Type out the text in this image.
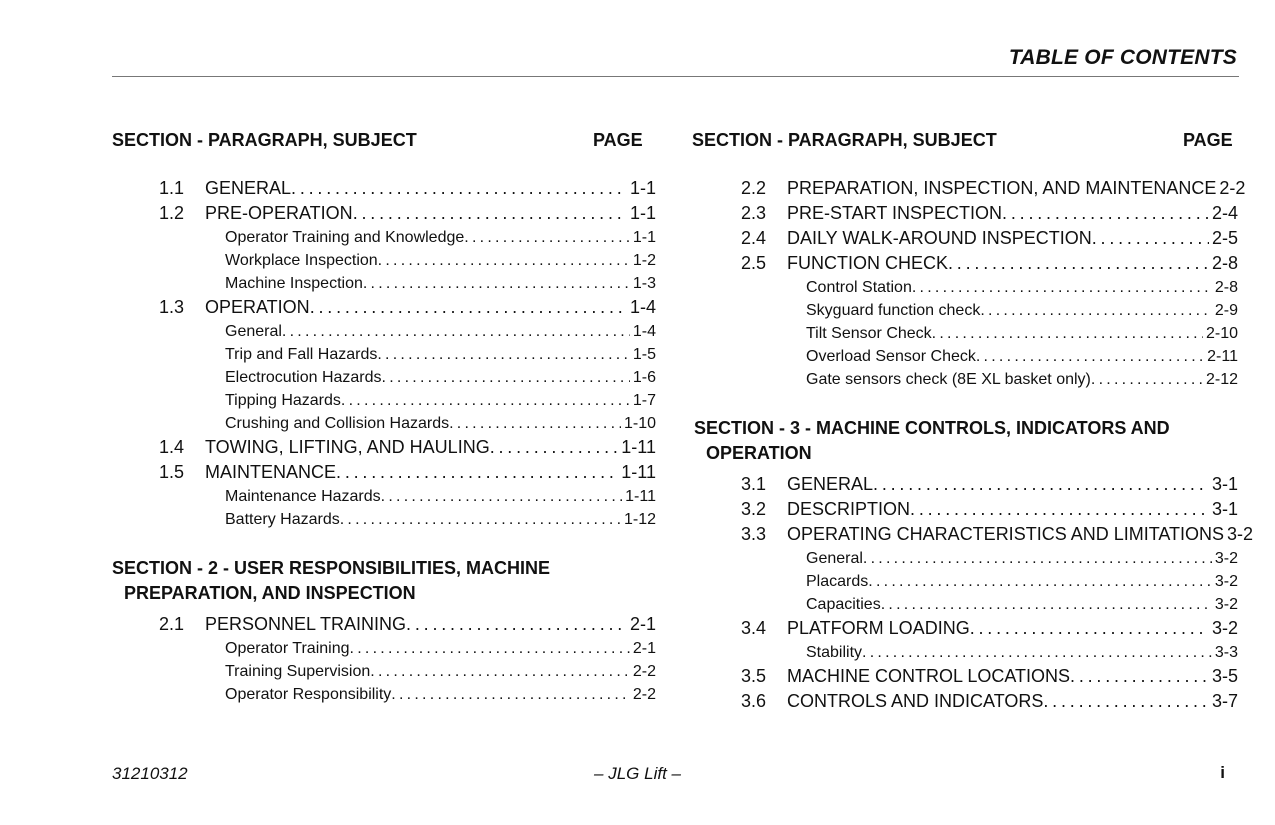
TABLE OF CONTENTS
SECTION - PARAGRAPH, SUBJECT	PAGE
1.1	GENERAL . . .	1-1
1.2	PRE-OPERATION . . .	1-1
Operator Training and Knowledge . . .	1-1
Workplace Inspection . . .	1-2
Machine Inspection . . .	1-3
1.3	OPERATION . . .	1-4
General . . .	1-4
Trip and Fall Hazards . . .	1-5
Electrocution Hazards . . .	1-6
Tipping Hazards . . .	1-7
Crushing and Collision Hazards . . .	1-10
1.4	TOWING, LIFTING, AND HAULING . . .	1-11
1.5	MAINTENANCE . . .	1-11
Maintenance Hazards . . .	1-11
Battery Hazards . . .	1-12
SECTION - 2 - USER RESPONSIBILITIES, MACHINE
PREPARATION, AND INSPECTION
2.1	PERSONNEL TRAINING . . .	2-1
Operator Training . . .	2-1
Training Supervision . . .	2-2
Operator Responsibility . . .	2-2
SECTION - PARAGRAPH, SUBJECT	PAGE
2.2	PREPARATION, INSPECTION, AND MAINTENANCE 2-2
2.3	PRE-START INSPECTION . . .	2-4
2.4	DAILY WALK-AROUND INSPECTION . . .	2-5
2.5	FUNCTION CHECK . . .	2-8
Control Station . . .	2-8
Skyguard function check . . .	2-9
Tilt Sensor Check . . .	2-10
Overload Sensor Check . . .	2-11
Gate sensors check (8E XL basket only) . . .	2-12
SECTION - 3 - MACHINE CONTROLS, INDICATORS AND
OPERATION
3.1	GENERAL . . .	3-1
3.2	DESCRIPTION . . .	3-1
3.3	OPERATING CHARACTERISTICS AND LIMITATIONS 3-2
General . . .	3-2
Placards . . .	3-2
Capacities . . .	3-2
3.4	PLATFORM LOADING . . .	3-2
Stability . . .	3-3
3.5	MACHINE CONTROL LOCATIONS . . .	3-5
3.6	CONTROLS AND INDICATORS . . .	3-7
31210312	– JLG Lift –	i
